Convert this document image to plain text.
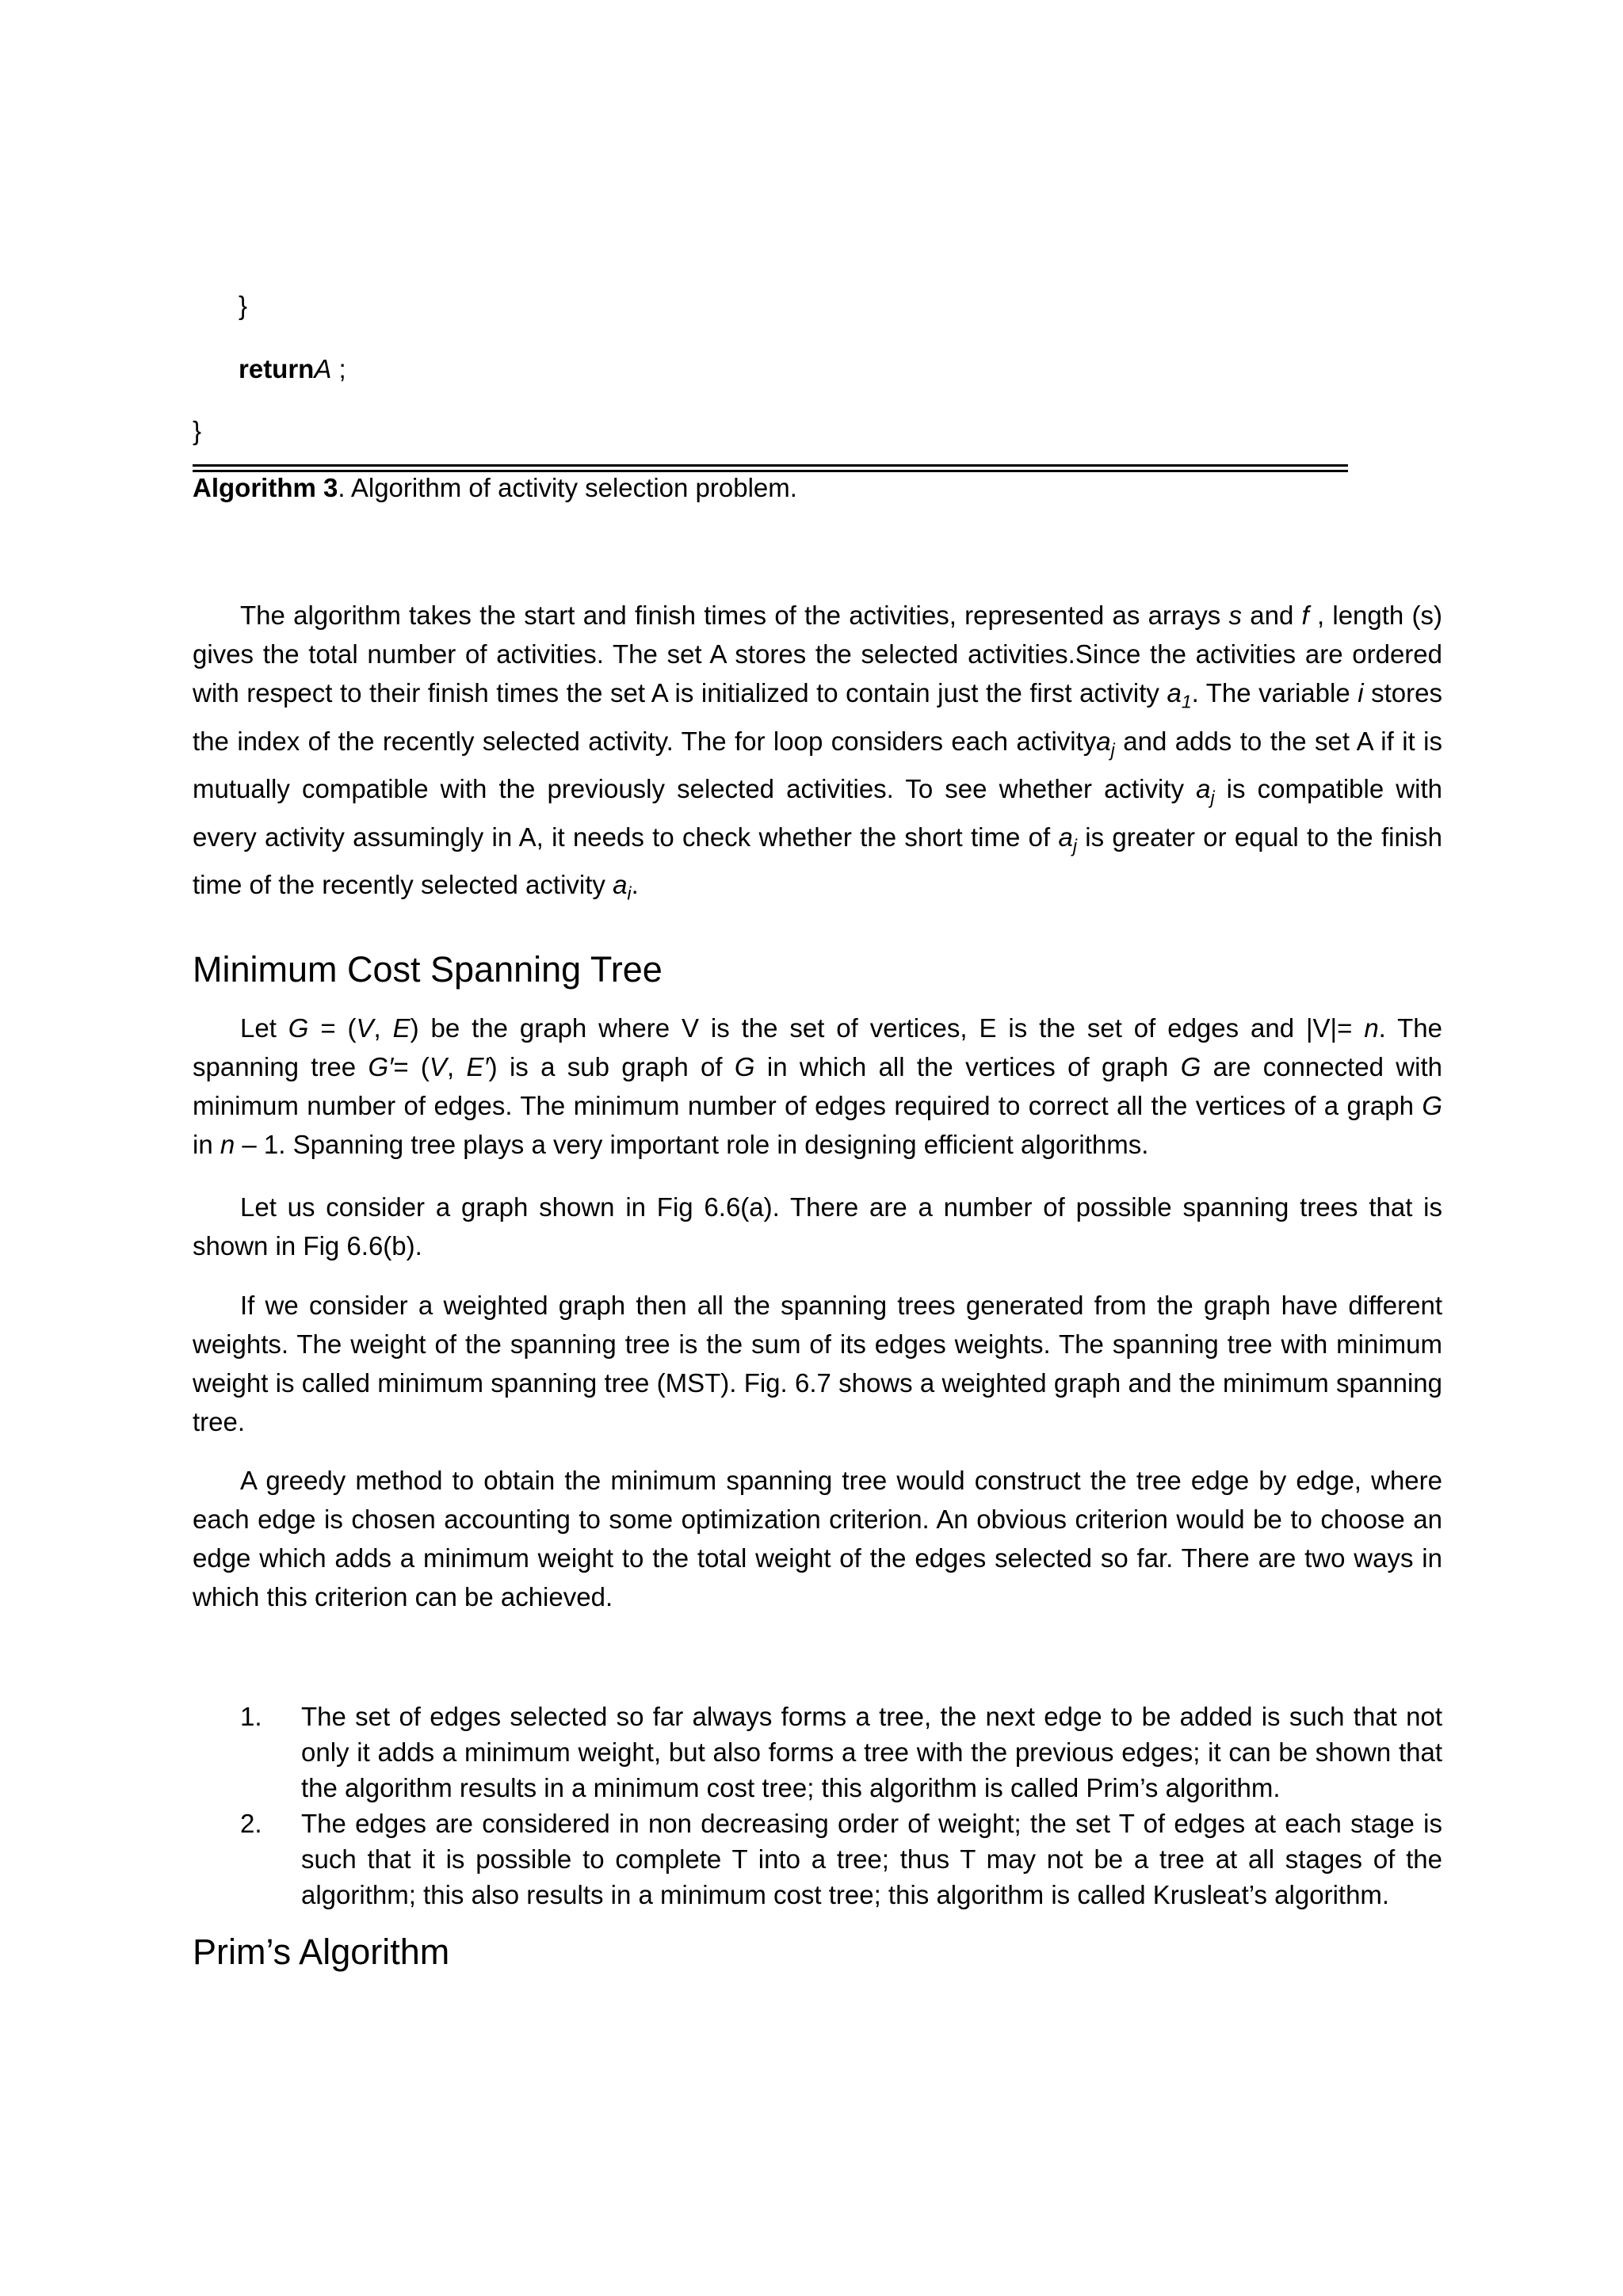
}
returnA ;
}
Algorithm 3. Algorithm of activity selection problem.

The algorithm takes the start and finish times of the activities, represented as arrays s and f , length (s) gives the total number of activities. The set A stores the selected activities.Since the activities are ordered with respect to their finish times the set A is initialized to contain just the first activity $a_1$. The variable i stores the index of the recently selected activity. The for loop considers each activitya$_j$ and adds to the set A if it is mutually compatible with the previously selected activities. To see whether activity $a_j$ is compatible with every activity assumingly in A, it needs to check whether the short time of $a_j$ is greater or equal to the finish time of the recently selected activity $a_i$.

Minimum Cost Spanning Tree

Let G = (V, E) be the graph where V is the set of vertices, E is the set of edges and |V|= n. The spanning tree G′= (V, E′) is a sub graph of G in which all the vertices of graph G are connected with minimum number of edges. The minimum number of edges required to correct all the vertices of a graph G in n – 1. Spanning tree plays a very important role in designing efficient algorithms.

Let us consider a graph shown in Fig 6.6(a). There are a number of possible spanning trees that is shown in Fig 6.6(b).

If we consider a weighted graph then all the spanning trees generated from the graph have different weights. The weight of the spanning tree is the sum of its edges weights. The spanning tree with minimum weight is called minimum spanning tree (MST). Fig. 6.7 shows a weighted graph and the minimum spanning tree.

A greedy method to obtain the minimum spanning tree would construct the tree edge by edge, where each edge is chosen accounting to some optimization criterion. An obvious criterion would be to choose an edge which adds a minimum weight to the total weight of the edges selected so far. There are two ways in which this criterion can be achieved.

1. The set of edges selected so far always forms a tree, the next edge to be added is such that not only it adds a minimum weight, but also forms a tree with the previous edges; it can be shown that the algorithm results in a minimum cost tree; this algorithm is called Prim’s algorithm.
2. The edges are considered in non decreasing order of weight; the set T of edges at each stage is such that it is possible to complete T into a tree; thus T may not be a tree at all stages of the algorithm; this also results in a minimum cost tree; this algorithm is called Krusleat’s algorithm.
Prim’s Algorithm
